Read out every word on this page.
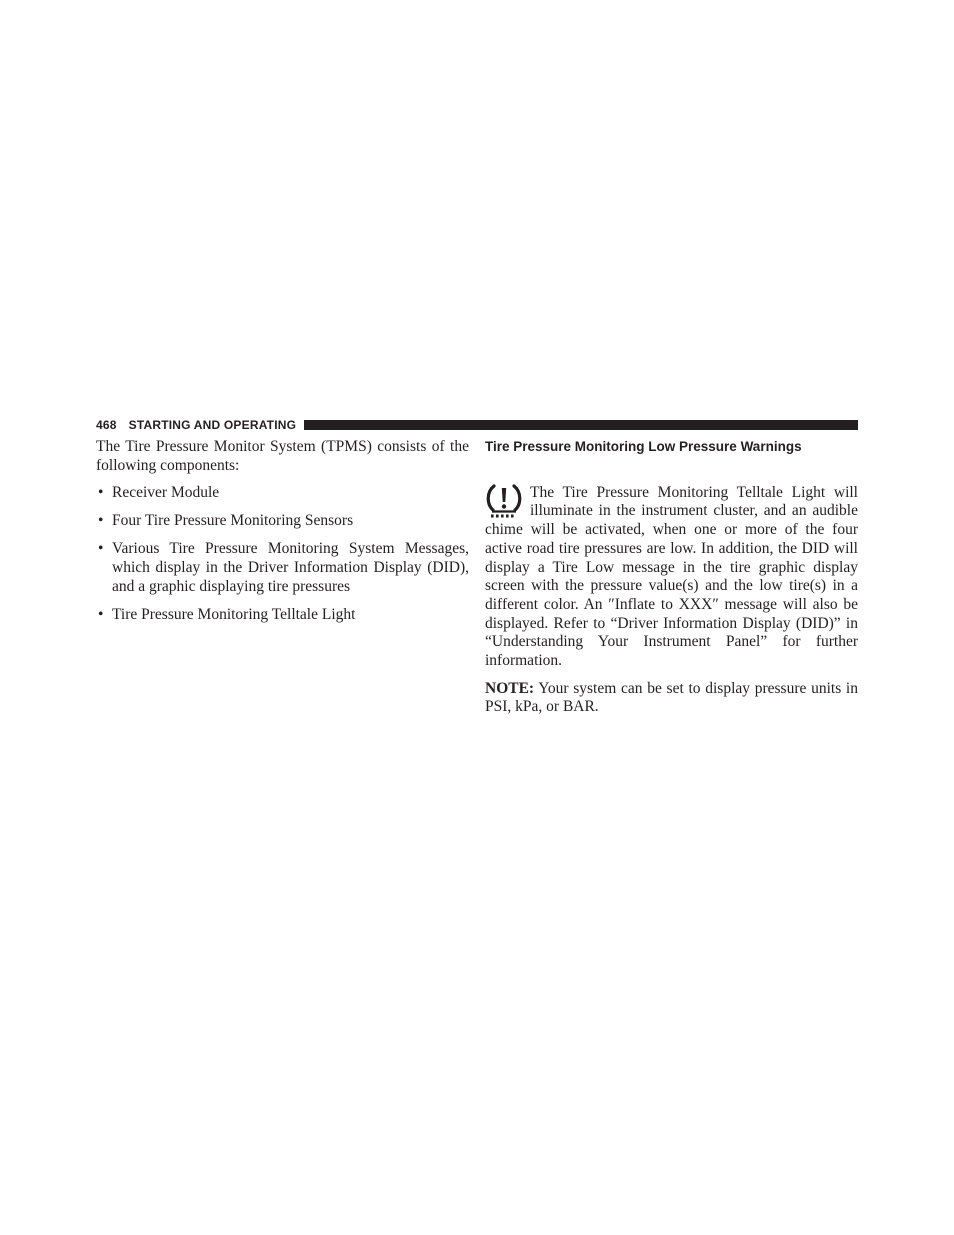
468 STARTING AND OPERATING

The Tire Pressure Monitor System (TPMS) consists of the following components:

• Receiver Module
• Four Tire Pressure Monitoring Sensors
• Various Tire Pressure Monitoring System Messages, which display in the Driver Information Display (DID), and a graphic displaying tire pressures
• Tire Pressure Monitoring Telltale Light
Tire Pressure Monitoring Low Pressure Warnings

The Tire Pressure Monitoring Telltale Light will illuminate in the instrument cluster, and an audible chime will be activated, when one or more of the four active road tire pressures are low. In addition, the DID will display a Tire Low message in the tire graphic display screen with the pressure value(s) and the low tire(s) in a different color. An ″Inflate to XXX″ message will also be displayed. Refer to “Driver Information Display (DID)” in “Understanding Your Instrument Panel” for further information.

NOTE: Your system can be set to display pressure units in PSI, kPa, or BAR.
